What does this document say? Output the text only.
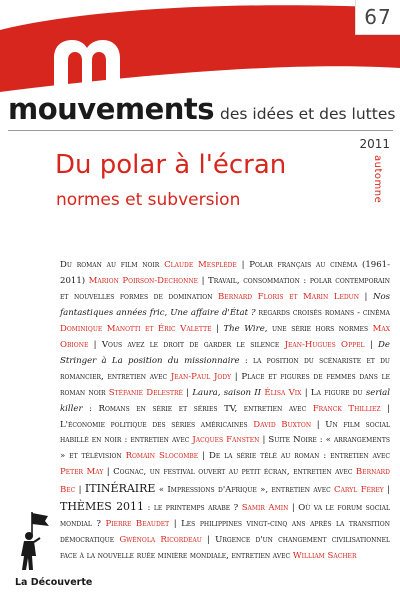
67
mouvements des idées et des luttes
2011
automne
Du polar à l'écran
normes et subversion
Du roman au film noir Claude Mesplède | Polar français au cinéma (1961-2011) Marion Poirson-Dechonne | Travail, consommation : polar contemporain et nouvelles formes de domination Bernard Floris et Marin Ledun | Nos fantastiques années fric, Une affaire d'État ? regards croisés romans - cinéma Dominique Manotti et Éric Valette | The Wire, une série hors normes Max Obione | Vous avez le droit de garder le silence Jean-Hugues Oppel | De Stringer à La position du missionnaire : la position du scénariste et du romancier, entretien avec Jean-Paul Jody | Place et figures de femmes dans le roman noir Stéfanie Delestré | Laura, saison II Élisa Vix | La figure du serial killer : Romans en série et séries TV, entretien avec Franck Thilliez | L'économie politique des séries américaines David Buxton | Un film social habillé en noir : entretien avec Jacques Fansten | Suite Noire : « arrangements » et télévision Romain Slocombe | De la série télé au roman : entretien avec Peter May | Cognac, un festival ouvert au petit écran, entretien avec Bernard Bec | ITINÉRAIRE « Impressions d'Afrique », entretien avec Caryl Férey | THÈMES 2011 : le printemps arabe ? Samir Amin | Où va le forum social mondial ? Pierre Beaudet | Les philippines vingt-cinq ans après la transition démocratique Gwénola Ricordeau | Urgence d'un changement civilisationnel face à la nouvelle ruée minière mondiale, entretien avec William Sacher
La Découverte
